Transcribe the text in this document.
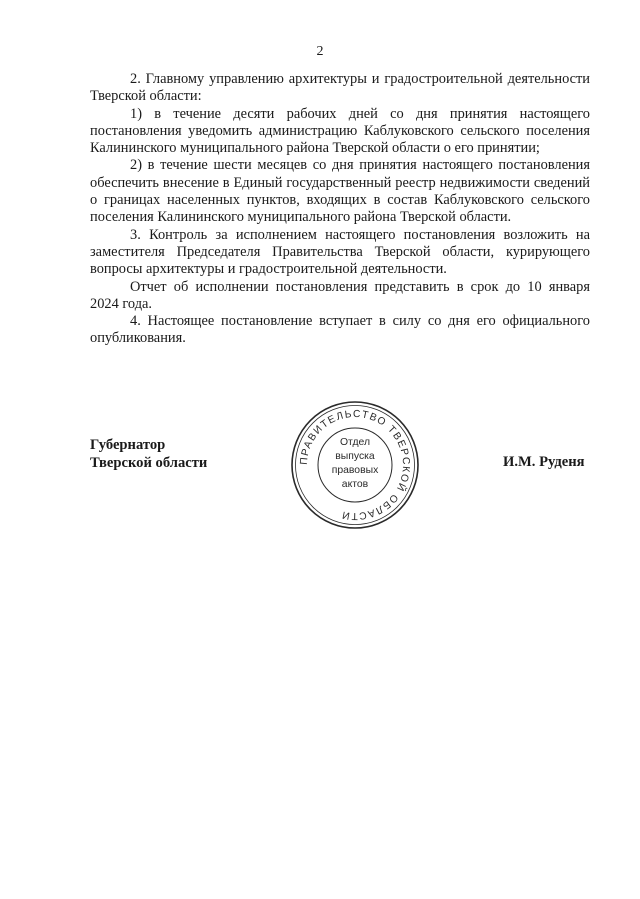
2

2. Главному управлению архитектуры и градостроительной деятельности Тверской области:

1) в течение десяти рабочих дней со дня принятия настоящего постановления уведомить администрацию Каблуковского сельского поселения Калининского муниципального района Тверской области о его принятии;

2) в течение шести месяцев со дня принятия настоящего постановления обеспечить внесение в Единый государственный реестр недвижимости сведений о границах населенных пунктов, входящих в состав Каблуковского сельского поселения Калининского муниципального района Тверской области.

3. Контроль за исполнением настоящего постановления возложить на заместителя Председателя Правительства Тверской области, курирующего вопросы архитектуры и градостроительной деятельности.

Отчет об исполнении постановления представить в срок до 10 января 2024 года.

4. Настоящее постановление вступает в силу со дня его официального опубликования.

Губернатор
Тверской области	ПРАВИТЕЛЬСТВО ТВЕРСКОЙ ОБЛАСТИ
Отдел
выпуска
правовых
актов
И.М. Руденя
